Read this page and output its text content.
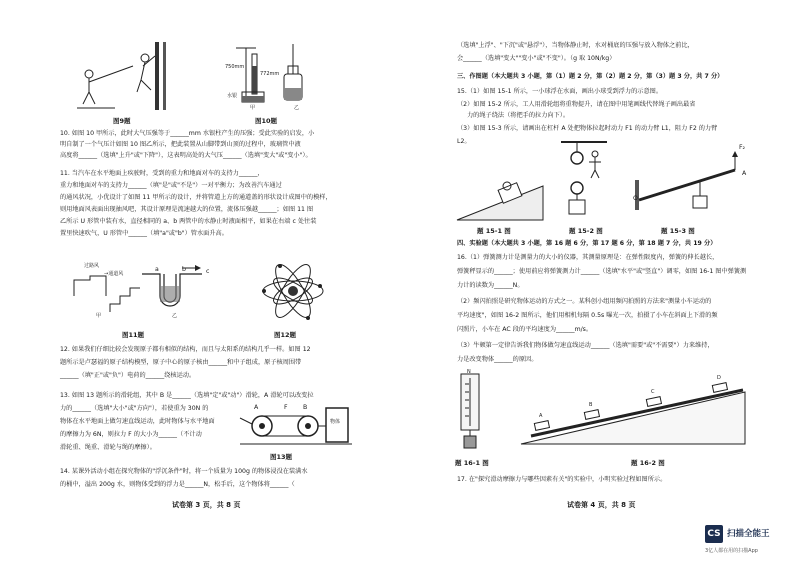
图9题
750mm
772mm
水银
甲	乙
图10题
10. 如图 10 甲所示，此时大气压强等于______mm 水银柱产生的压强；受此实验的启发，小
明自制了一个气压计如图 10 图乙所示，把此装置从山脚带到山顶的过程中，玻璃管中液
高度将______（选填"上升"或"下降"），这表明高处的大气压______（选填"变大"或"变小"）。
11. 当汽车在水平地面上疾驶时，受到的重力和地面对车的支持力______，
重力和地面对车的支持力______（填"是"或"不是"）一对平衡力；为改善汽车通过
的通风状况，小优设计了如图 11 甲所示的设计，并将管道上方的通道盖的形状设计成图中的模样，
则用地面风表面出现抽风吧，其设计原理是流速越大的位置，流体压强越______；如图 11 图
乙所示 U 形管中装有水，直径相同的 a、b 两管中的水静止时液面相平，如果在右端 c 处往装
置里快速吹气，U 形管中______（填"a"或"b"）管水面升高。
过路风
→通道风
a	b	c
甲	乙
图11题	图12题
12. 如果我们仔细比较会发现原子都有相似的结构，而且与太阳系的结构几乎一样。如图 12
题所示是卢瑟福的原子结构模型，原子中心的原子核由______和中子组成，原子核周围带
______（填"正"或"负"）电荷的______绕核运动。
13. 如图 13 题所示的滑轮组，其中 B 是______（选填"定"或"动"）滑轮，A 滑轮可以改变拉
力的______（选填"大小"或"方向"），若使重为 30N 的
物体在水平地面上做匀速直线运动，此时物体与水平地面
的摩擦力为 6N，则拉力 F 的大小为______（不计动
滑轮重、绳重、滑轮与绳的摩擦）。
A	F B
物体
图13题
14. 某课外活动小组在探究物体的"浮沉条件"时，将一个质量为 100g 的物体浸没在装满水
的桶中，溢出 200g 水，则物体受到的浮力是______N，松手后，这个物体将______（
试卷第 3 页，共 8 页
（选填"上浮"、"下沉"或"悬浮"），当物体静止时，水对桶底的压强与放入物体之前比，
会______（选填"变大""变小"或"不变"）。（g 取 10N/kg）
三、作图题（本大题共 3 小题，第（1）题 2 分，第（2）题 2 分，第（3）题 3 分，共 7 分）
15.（1）如图 15-1 所示，一小球浮在水面，画出小球受到浮力的示意图。
（2）如图 15-2 所示，工人用滑轮组将重物提升，请在图中用笔画线代替绳子画出最省
力的绳子绕法（将把手的拉力向下）。
（3）如图 15-3 所示，请画出在杠杆 A 处把物体拉起时动力 F1 的动力臂 L1，阻力 F2 的力臂
L2。
题 15-1 图	题 15-2 图
F₂
A
O
题 15-3 图
四、实验题（本大题共 3 小题，第 16 题 6 分，第 17 题 6 分，第 18 题 7 分，共 19 分）
16.（1）弹簧测力计是测量力的大小的仪器，其测量原理是：在弹性限度内，弹簧的伸长越长，
弹簧秤显示的______；使用前应将弹簧测力计______（选填"水平"或"竖直"）调零，如图 16-1 图中弹簧测
力计的读数为______N。
（2）频闪拍照是研究物体运动的方式之一。某科创小组用频闪拍照的方法来"测量小车运动的
平均速度"，如图 16-2 图所示，他们用相机每隔 0.5s 曝光一次，拍摄了小车在斜面上下滑的频
闪照片，小车在 AC 段的平均速度为______m/s。
（3）牛顿第一定律告诉我们物体做匀速直线运动______（选填"需要"或"不需要"）力来维持，
力是改变物体______的原因。
N
题 16-1 图
A
B
C
D
题 16-2 图
17. 在"探究滑动摩擦力与哪些因素有关"的实验中，小明实验过程如图所示。
试卷第 4 页，共 8 页
CS 扫描全能王
3亿人都在用的扫描App
